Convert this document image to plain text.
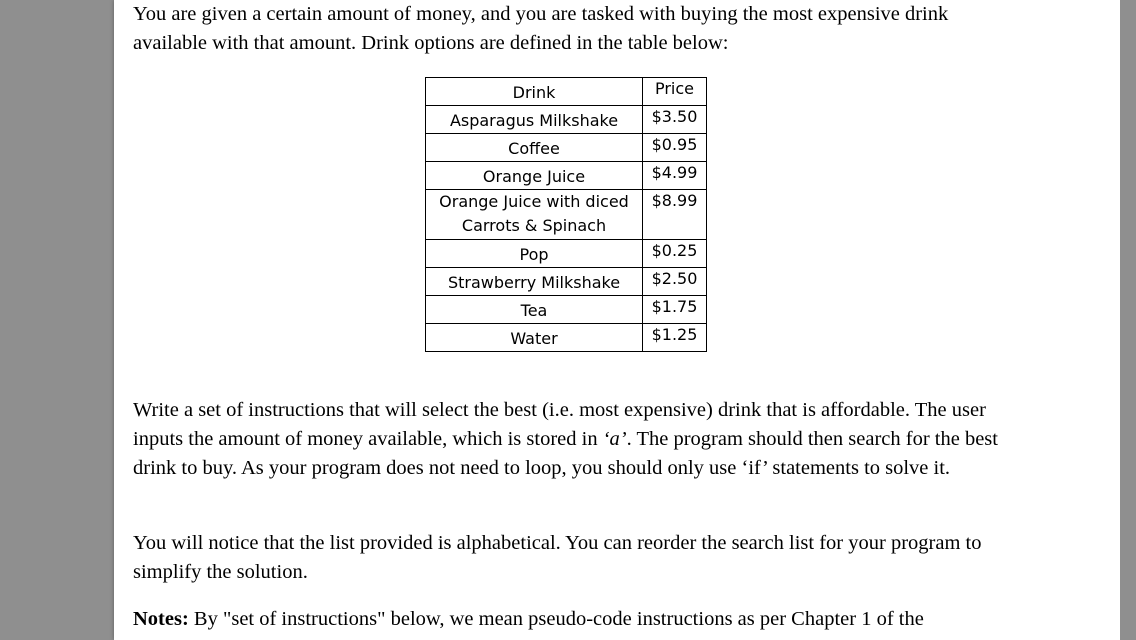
You are given a certain amount of money, and you are tasked with buying the most expensive drink available with that amount. Drink options are defined in the table below:

Drink	Price
Asparagus Milkshake	$3.50
Coffee	$0.95
Orange Juice	$4.99
Orange Juice with diced
Carrots & Spinach	$8.99
Pop	$0.25
Strawberry Milkshake	$2.50
Tea	$1.75
Water	$1.25

Write a set of instructions that will select the best (i.e. most expensive) drink that is affordable. The user inputs the amount of money available, which is stored in ‘a’. The program should then search for the best drink to buy. As your program does not need to loop, you should only use ‘if’ statements to solve it.

You will notice that the list provided is alphabetical. You can reorder the search list for your program to simplify the solution.

Notes: By "set of instructions" below, we mean pseudo-code instructions as per Chapter 1 of the
